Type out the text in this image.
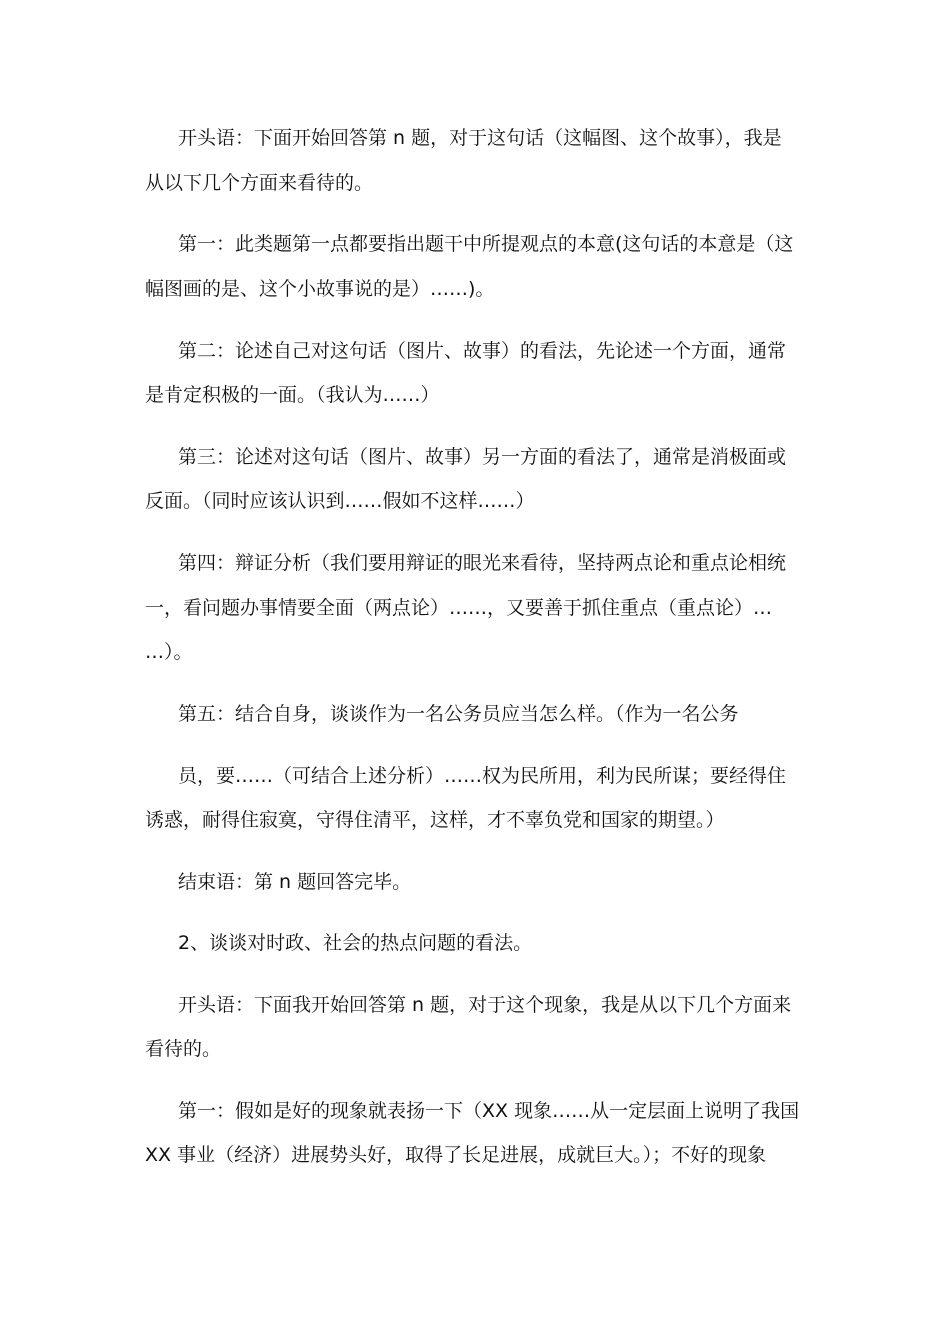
开头语：下面开始回答第 n 题，对于这句话（这幅图、这个故事），我是
从以下几个方面来看待的。
第一：此类题第一点都要指出题干中所提观点的本意(这句话的本意是（这
幅图画的是、这个小故事说的是）……)。
第二：论述自己对这句话（图片、故事）的看法，先论述一个方面，通常
是肯定积极的一面。（我认为……）
第三：论述对这句话（图片、故事）另一方面的看法了，通常是消极面或
反面。（同时应该认识到……假如不这样……）
第四：辩证分析（我们要用辩证的眼光来看待，坚持两点论和重点论相统
一，看问题办事情要全面（两点论）……，又要善于抓住重点（重点论）…
…）。
第五：结合自身，谈谈作为一名公务员应当怎么样。（作为一名公务
员，要……（可结合上述分析）……权为民所用，利为民所谋；要经得住
诱惑，耐得住寂寞，守得住清平，这样，才不辜负党和国家的期望。）
结束语：第 n 题回答完毕。
2、谈谈对时政、社会的热点问题的看法。
开头语：下面我开始回答第 n 题，对于这个现象，我是从以下几个方面来
看待的。
第一：假如是好的现象就表扬一下（XX 现象……从一定层面上说明了我国
XX 事业（经济）进展势头好，取得了长足进展，成就巨大。）；不好的现象
